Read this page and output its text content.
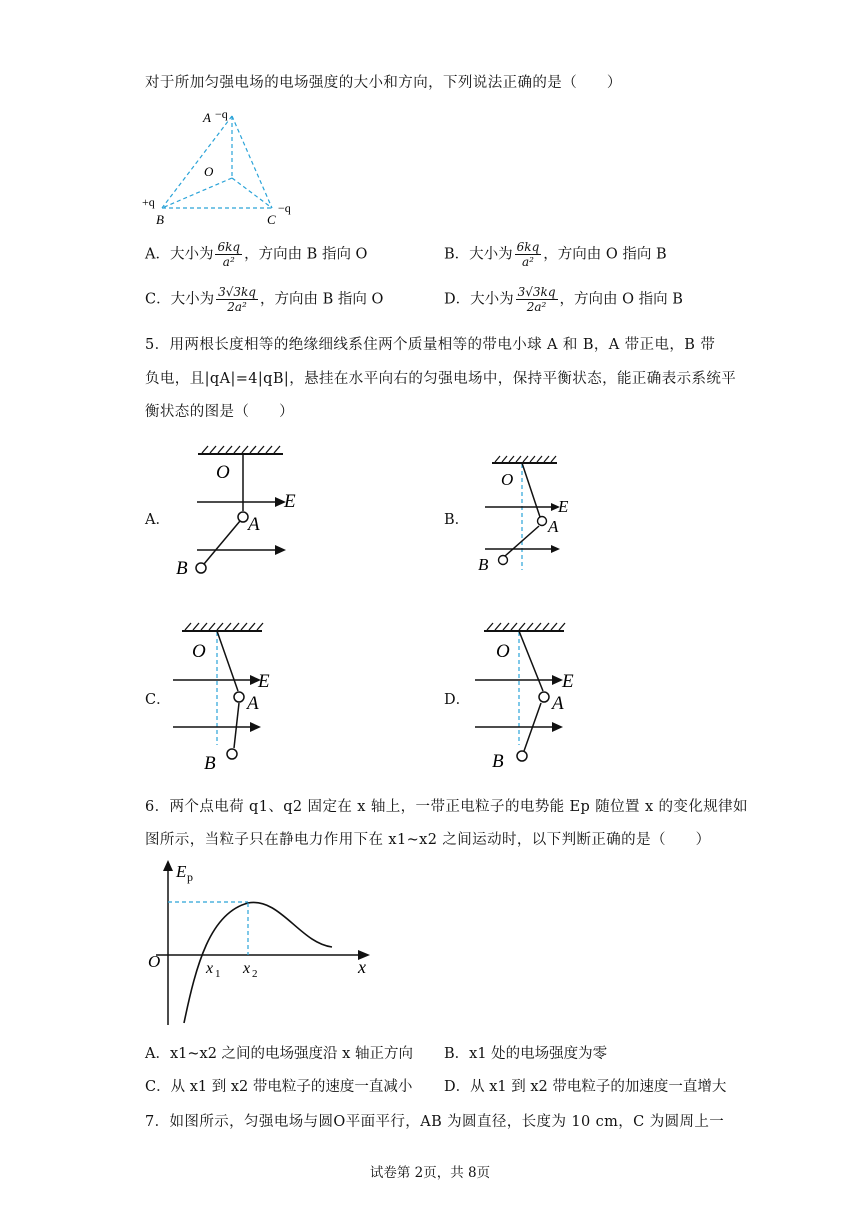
对于所加匀强电场的电场强度的大小和方向，下列说法正确的是（　　）
A −q
O
+q
B	C
−q
A．大小为 $\frac{6kq}{\text{a²}}$ ，方向由 B 指向 O	B．大小为 $\frac{6kq}{\text{a²}}$ ，方向由 O 指向 B
C．大小为 $\frac{3√3kq}{\text{2a²}}$ ，方向由 B 指向 O	D．大小为 $\frac{3√3kq}{\text{2a²}}$ ，方向由 O 指向 B
5．用两根长度相等的绝缘细线系住两个质量相等的带电小球 A 和 B，A 带正电，B 带
负电，且|qA|=4|qB|，悬挂在水平向右的匀强电场中，保持平衡状态，能正确表示系统平
衡状态的图是（　　）
A．
O
E
A
B
B．
O
E
A
B
C．
O
E
A
B
D．
O
E
A
B
6．两个点电荷 q1、q2 固定在 x 轴上，一带正电粒子的电势能 Ep 随位置 x 的变化规律如
图所示，当粒子只在静电力作用下在 x1~x2 之间运动时，以下判断正确的是（　　）
E p
O	x 1 x 2	x
A．x1~x2 之间的电场强度沿 x 轴正方向 B．x1 处的电场强度为零
C．从 x1 到 x2 带电粒子的速度一直减小 D．从 x1 到 x2 带电粒子的加速度一直增大
7．如图所示，匀强电场与圆O平面平行，AB 为圆直径，长度为 10 cm，C 为圆周上一
试卷第 2页，共 8页
